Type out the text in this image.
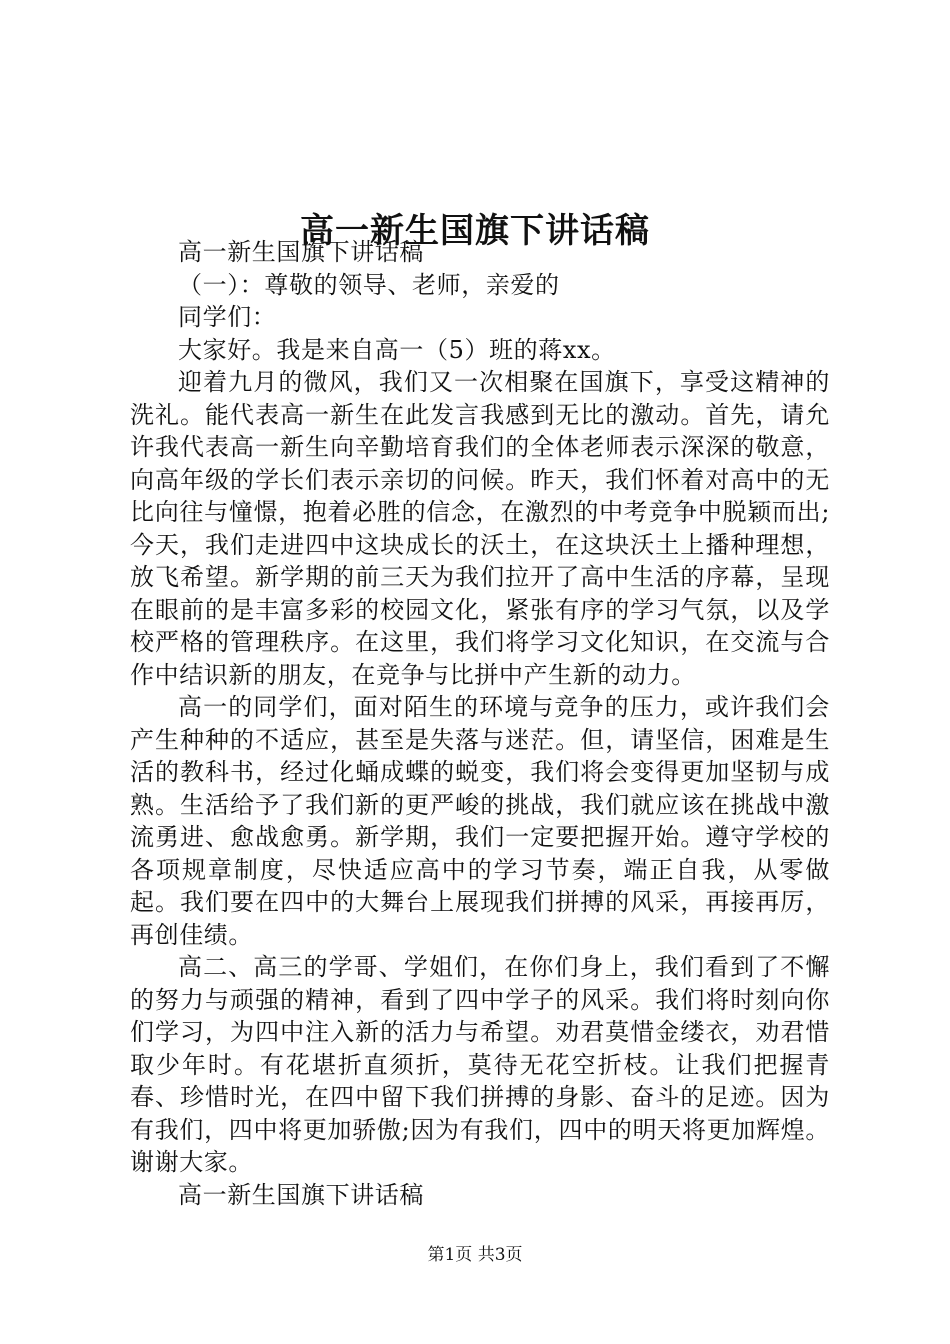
高一新生国旗下讲话稿

高一新生国旗下讲话稿

（一）：尊敬的领导、老师，亲爱的

同学们：

大家好。我是来自高一（5）班的蒋xx。

迎着九月的微风，我们又一次相聚在国旗下，享受这精神的洗礼。能代表高一新生在此发言我感到无比的激动。首先，请允许我代表高一新生向辛勤培育我们的全体老师表示深深的敬意，向高年级的学长们表示亲切的问候。昨天，我们怀着对高中的无比向往与憧憬，抱着必胜的信念，在激烈的中考竞争中脱颖而出;今天，我们走进四中这块成长的沃土，在这块沃土上播种理想，放飞希望。新学期的前三天为我们拉开了高中生活的序幕，呈现在眼前的是丰富多彩的校园文化，紧张有序的学习气氛，以及学校严格的管理秩序。在这里，我们将学习文化知识，在交流与合作中结识新的朋友，在竞争与比拼中产生新的动力。

高一的同学们，面对陌生的环境与竞争的压力，或许我们会产生种种的不适应，甚至是失落与迷茫。但，请坚信，困难是生活的教科书，经过化蛹成蝶的蜕变，我们将会变得更加坚韧与成熟。生活给予了我们新的更严峻的挑战，我们就应该在挑战中激流勇进、愈战愈勇。新学期，我们一定要把握开始。遵守学校的各项规章制度，尽快适应高中的学习节奏，端正自我，从零做起。我们要在四中的大舞台上展现我们拼搏的风采，再接再厉，再创佳绩。

高二、高三的学哥、学姐们，在你们身上，我们看到了不懈的努力与顽强的精神，看到了四中学子的风采。我们将时刻向你们学习，为四中注入新的活力与希望。劝君莫惜金缕衣，劝君惜取少年时。有花堪折直须折，莫待无花空折枝。让我们把握青春、珍惜时光，在四中留下我们拼搏的身影、奋斗的足迹。因为有我们，四中将更加骄傲;因为有我们，四中的明天将更加辉煌。谢谢大家。

高一新生国旗下讲话稿

第1页 共3页
